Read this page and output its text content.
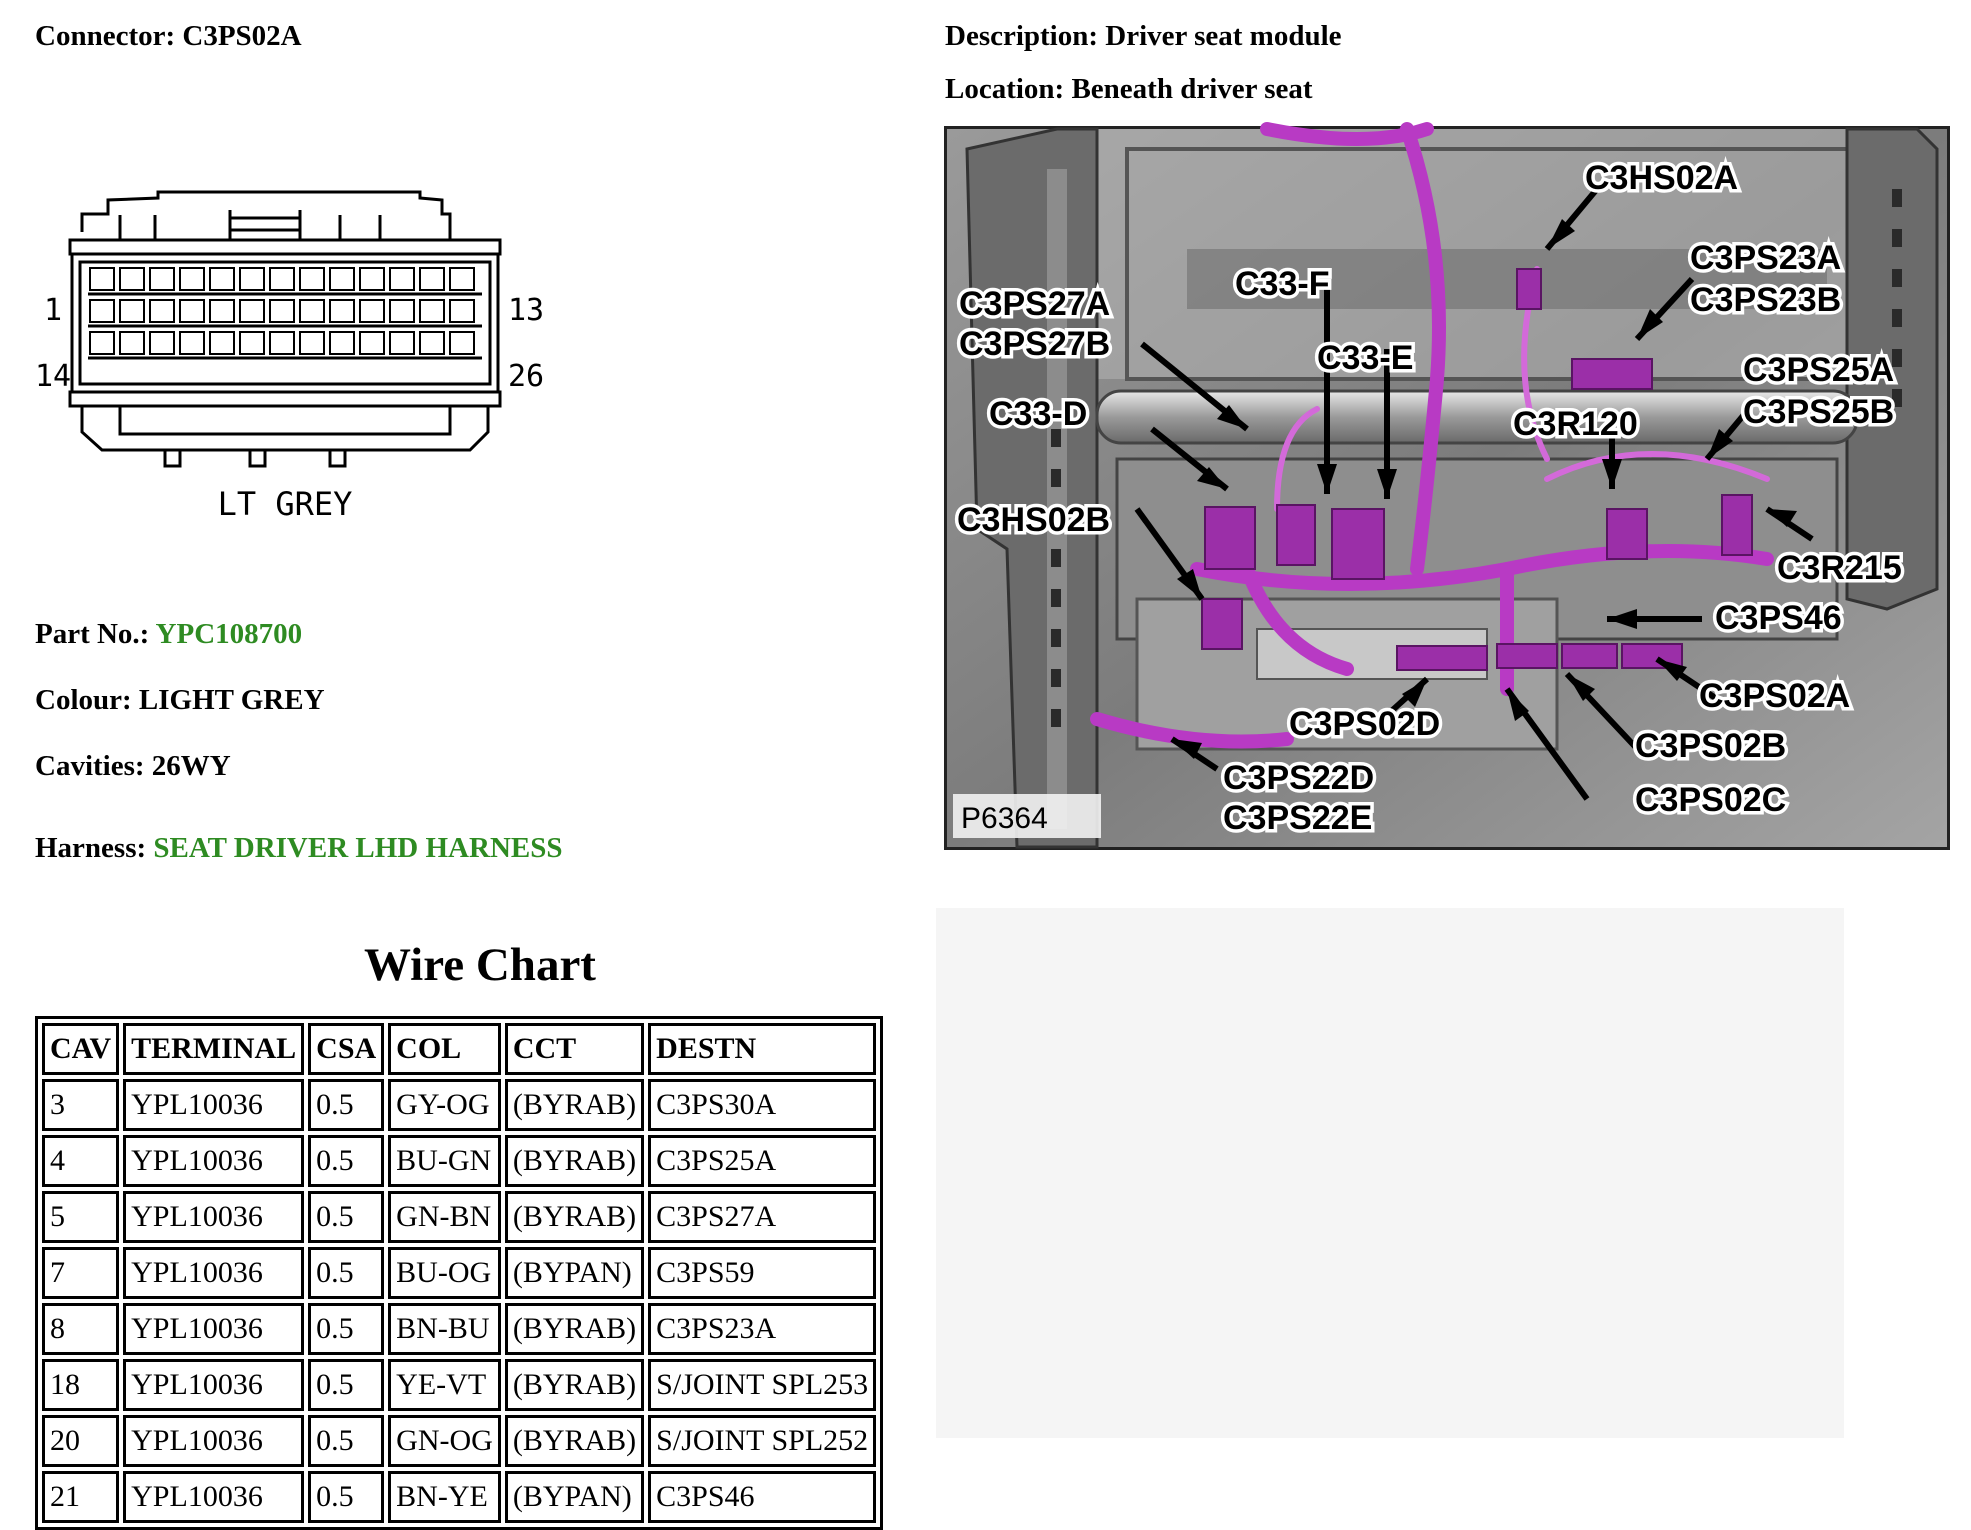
Connector: C3PS02A	Description: Driver seat module
Location: Beneath driver seat
1	13
14	26
LT GREY
Part No.: YPC108700
Colour: LIGHT GREY
Cavities: 26WY
Harness: SEAT DRIVER LHD HARNESS
C3HS02A
C3PS23A
C3PS23B
C3PS27A
C3PS27B
C33-F
C33-E	C3PS25A
C3PS25B
C33-D	C3R120
C3HS02B
C3R215
C3PS46
C3PS02A
C3PS02D
C3PS02B
C3PS22D
C3PS22E	C3PS02C
P6364
Wire Chart
CAV	TERMINAL	CSA	COL	CCT	DESTN
3	YPL10036	0.5	GY-OG	(BYRAB)	C3PS30A
4	YPL10036	0.5	BU-GN	(BYRAB)	C3PS25A
5	YPL10036	0.5	GN-BN	(BYRAB)	C3PS27A
7	YPL10036	0.5	BU-OG	(BYPAN)	C3PS59
8	YPL10036	0.5	BN-BU	(BYRAB)	C3PS23A
18	YPL10036	0.5	YE-VT	(BYRAB)	S/JOINT SPL253
20	YPL10036	0.5	GN-OG	(BYRAB)	S/JOINT SPL252
21	YPL10036	0.5	BN-YE	(BYPAN)	C3PS46
